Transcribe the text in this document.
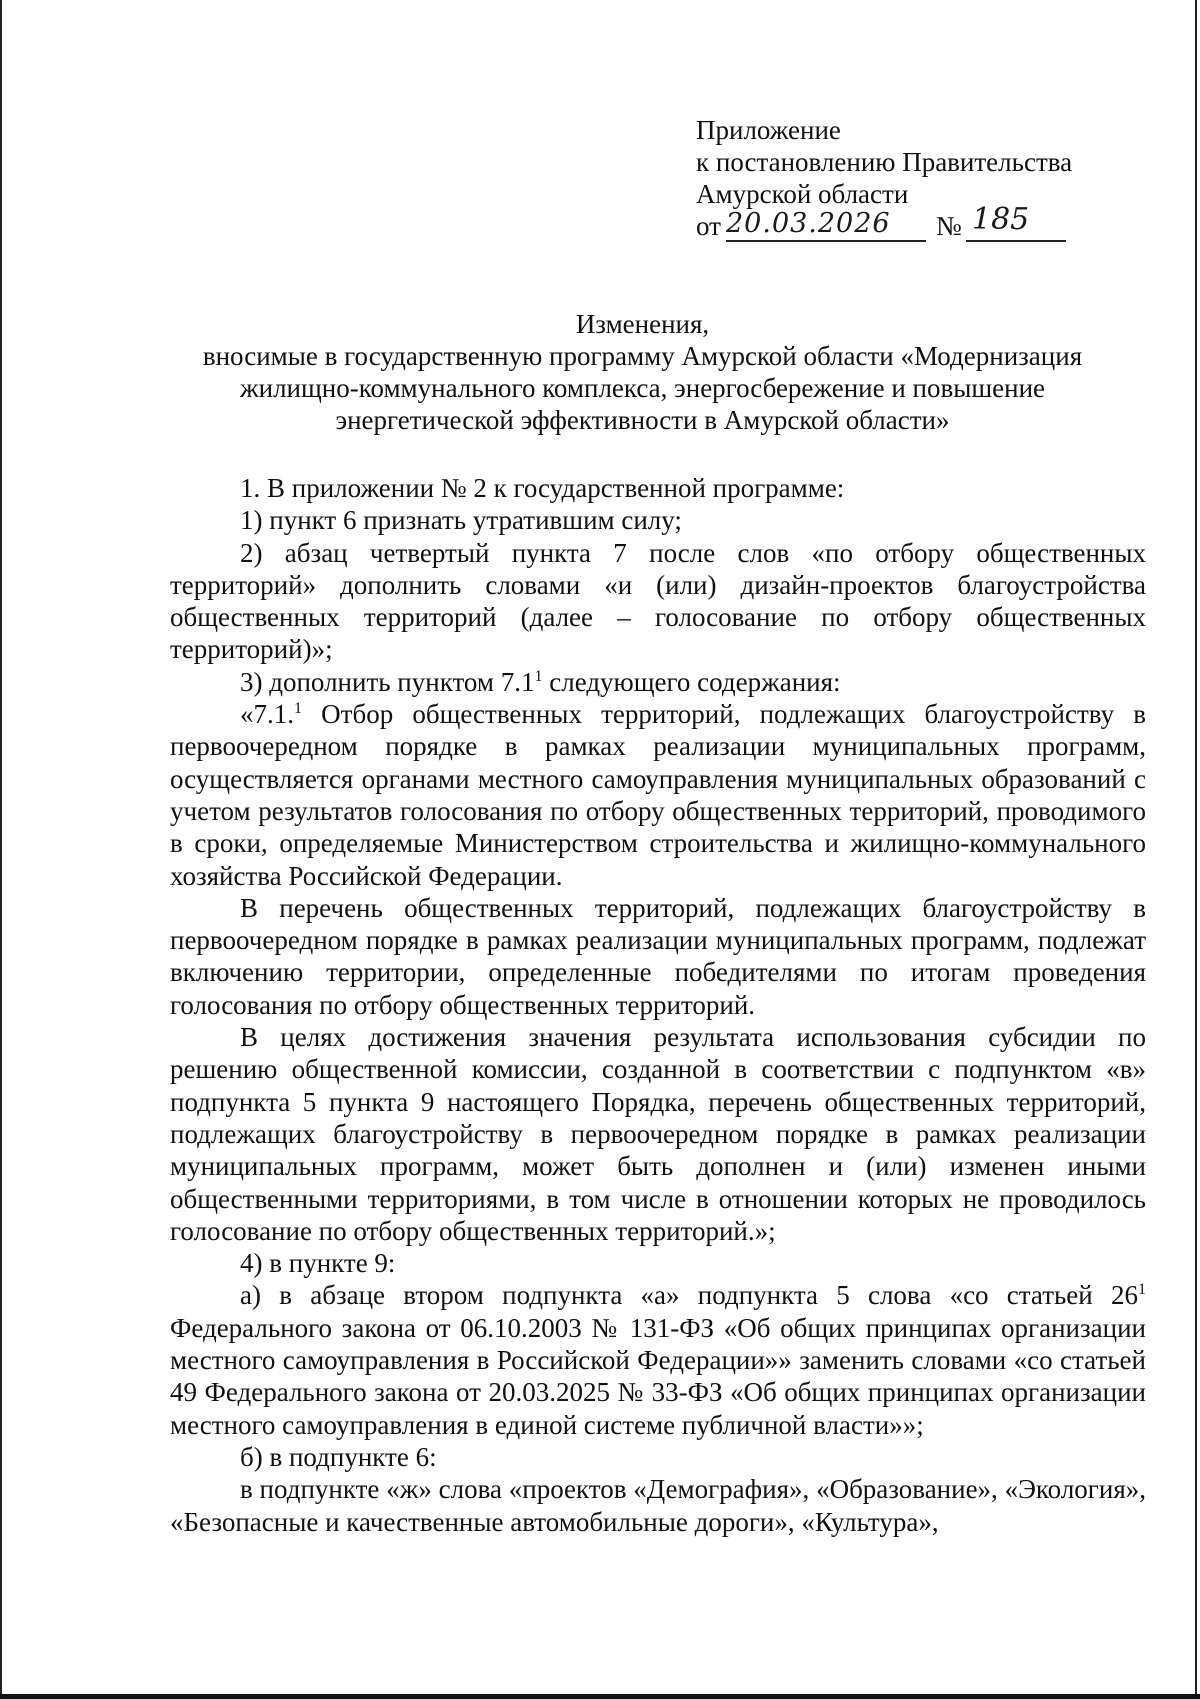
Приложение
к постановлению Правительства
Амурской области
от 20.03.2026 № 185
Изменения,
вносимые в государственную программу Амурской области «Модернизация
жилищно-коммунального комплекса, энергосбережение и повышение
энергетической эффективности в Амурской области»

1. В приложении № 2 к государственной программе:

1) пункт 6 признать утратившим силу;

2) абзац четвертый пункта 7 после слов «по отбору общественных территорий» дополнить словами «и (или) дизайн-проектов благоустройства общественных территорий (далее – голосование по отбору общественных территорий)»;

3) дополнить пунктом $7.1^1$ следующего содержания:

«7.1.$^1$ Отбор общественных территорий, подлежащих благоустройству в первоочередном порядке в рамках реализации муниципальных программ, осуществляется органами местного самоуправления муниципальных образований с учетом результатов голосования по отбору общественных территорий, проводимого в сроки, определяемые Министерством строительства и жилищно-коммунального хозяйства Российской Федерации.

В перечень общественных территорий, подлежащих благоустройству в первоочередном порядке в рамках реализации муниципальных программ, подлежат включению территории, определенные победителями по итогам проведения голосования по отбору общественных территорий.

В целях достижения значения результата использования субсидии по решению общественной комиссии, созданной в соответствии с подпунктом «в» подпункта 5 пункта 9 настоящего Порядка, перечень общественных территорий, подлежащих благоустройству в первоочередном порядке в рамках реализации муниципальных программ, может быть дополнен и (или) изменен иными общественными территориями, в том числе в отношении которых не проводилось голосование по отбору общественных территорий.»;

4) в пункте 9:

а) в абзаце втором подпункта «а» подпункта 5 слова «со статьей $26^1$ Федерального закона от 06.10.2003 № 131-ФЗ «Об общих принципах организации местного самоуправления в Российской Федерации»» заменить словами «со статьей 49 Федерального закона от 20.03.2025 № 33-ФЗ «Об общих принципах организации местного самоуправления в единой системе публичной власти»»;

б) в подпункте 6:

в подпункте «ж» слова «проектов «Демография», «Образование», «Экология», «Безопасные и качественные автомобильные дороги», «Культура»,
